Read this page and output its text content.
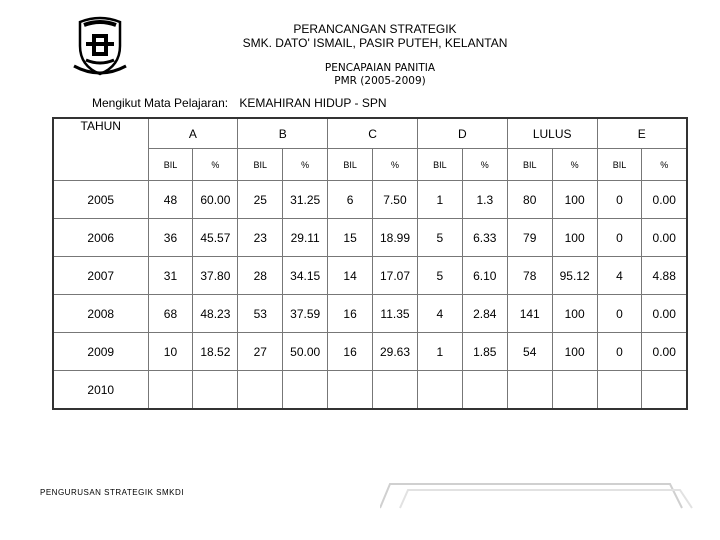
PERANCANGAN STRATEGIK
SMK. DATO' ISMAIL, PASIR PUTEH, KELANTAN
PENCAPAIAN PANITIA
PMR (2005-2009)
Mengikut Mata Pelajaran: KEMAHIRAN HIDUP - SPN
TAHUN	A		B		C		D		LULUS		E	
	BIL	%	BIL	%	BIL	%	BIL	%	BIL	%	BIL	%
2005	48	60.00	25	31.25	6	7.50	1	1.3	80	100	0	0.00
2006	36	45.57	23	29.11	15	18.99	5	6.33	79	100	0	0.00
2007	31	37.80	28	34.15	14	17.07	5	6.10	78	95.12	4	4.88
2008	68	48.23	53	37.59	16	11.35	4	2.84	141	100	0	0.00
2009	10	18.52	27	50.00	16	29.63	1	1.85	54	100	0	0.00
2010												
PENGURUSAN STRATEGIK SMKDI
